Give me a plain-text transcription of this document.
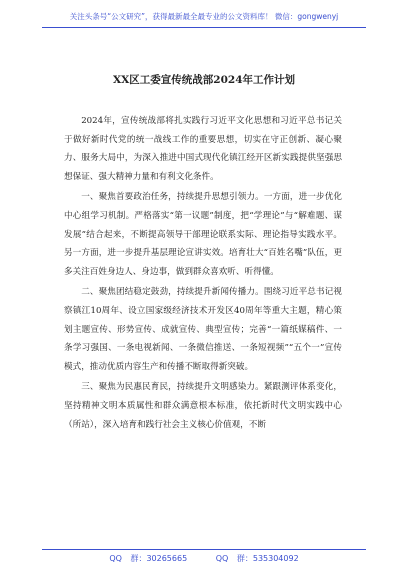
关注头条号“公文研究”，获得最新最全最专业的公文资料库！ 微信：gongwenyj
XX区工委宣传统战部2024年工作计划

2024年，宣传统战部将扎实践行习近平文化思想和习近平总书记关于做好新时代党的统一战线工作的重要思想，切实在守正创新、凝心聚力、服务大局中，为深入推进中国式现代化镇江经开区新实践提供坚强思想保证、强大精神力量和有利文化条件。

一、聚焦首要政治任务，持续提升思想引领力。一方面，进一步优化中心组学习机制。严格落实“第一议题”制度，把“学理论”与“解难题、谋发展”结合起来，不断提高领导干部理论联系实际、理论指导实践水平。另一方面，进一步提升基层理论宣讲实效。培育壮大“百姓名嘴”队伍，更多关注百姓身边人、身边事，做到群众喜欢听、听得懂。

二、聚焦团结稳定鼓劲，持续提升新闻传播力。围绕习近平总书记视察镇江10周年、设立国家级经济技术开发区40周年等重大主题，精心策划主题宣传、形势宣传、成就宣传、典型宣传；完善“一篇纸媒稿件、一条学习强国、一条电视新闻、一条微信推送、一条短视频”“五个一”宣传模式，推动优质内容生产和传播不断取得新突破。

三、聚焦为民惠民育民，持续提升文明感染力。紧跟测评体系变化，坚持精神文明本质属性和群众满意根本标准，依托新时代文明实践中心（所站），深入培育和践行社会主义核心价值观，不断

QQ 群：30265665	QQ 群：535304092
